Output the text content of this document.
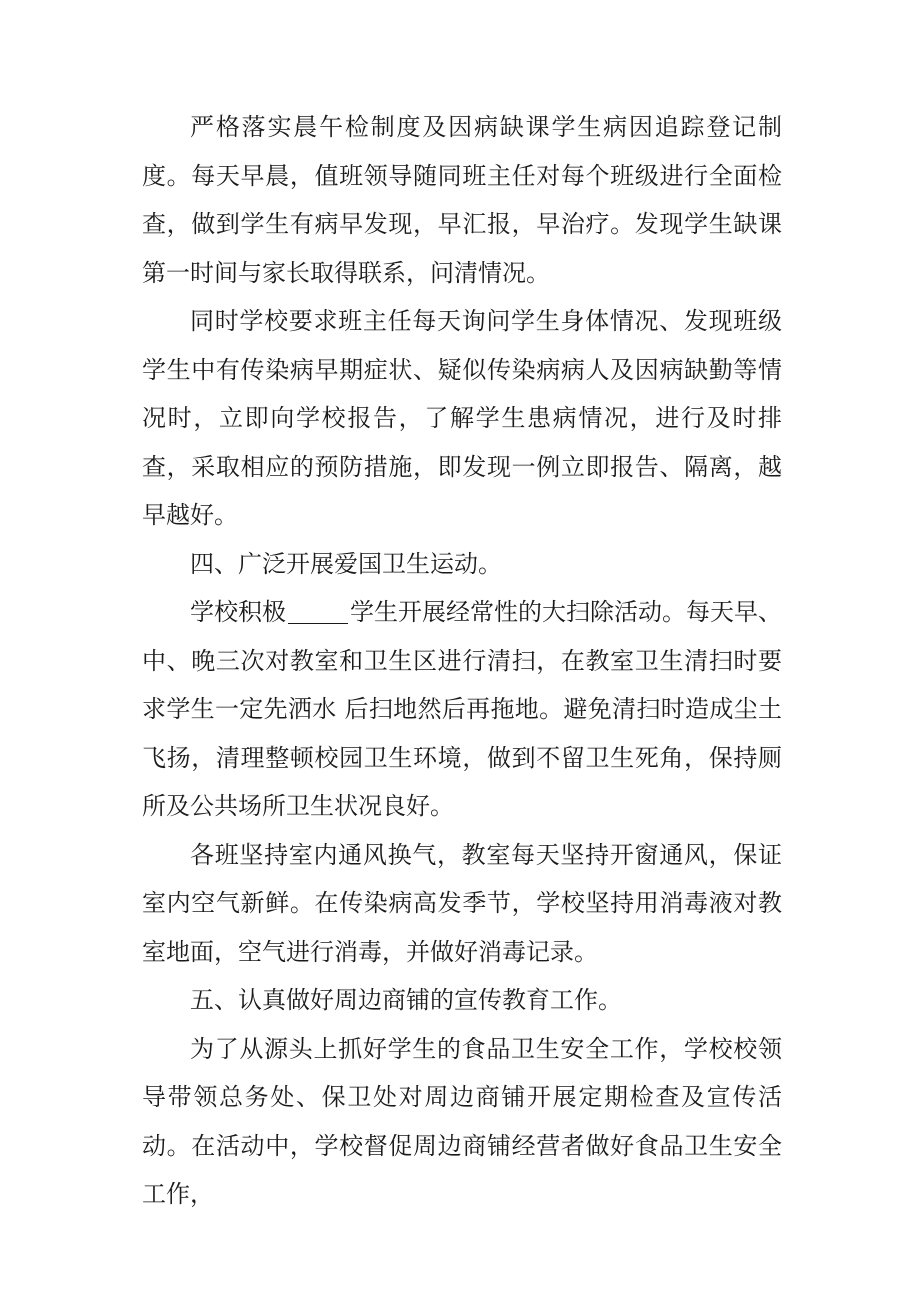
严格落实晨午检制度及因病缺课学生病因追踪登记制度。每天早晨，值班领导随同班主任对每个班级进行全面检查，做到学生有病早发现，早汇报，早治疗。发现学生缺课第一时间与家长取得联系，问清情况。

同时学校要求班主任每天询问学生身体情况、发现班级学生中有传染病早期症状、疑似传染病病人及因病缺勤等情况时，立即向学校报告，了解学生患病情况，进行及时排查，采取相应的预防措施，即发现一例立即报告、隔离，越早越好。

四、广泛开展爱国卫生运动。

学校积极	学生开展经常性的大扫除活动。每天早、中、晚三次对教室和卫生区进行清扫，在教室卫生清扫时要求学生一定先洒水 后扫地然后再拖地。避免清扫时造成尘土飞扬，清理整顿校园卫生环境，做到不留卫生死角，保持厕所及公共场所卫生状况良好。

各班坚持室内通风换气，教室每天坚持开窗通风，保证室内空气新鲜。在传染病高发季节，学校坚持用消毒液对教室地面，空气进行消毒，并做好消毒记录。

五、认真做好周边商铺的宣传教育工作。

为了从源头上抓好学生的食品卫生安全工作，学校校领导带领总务处、保卫处对周边商铺开展定期检查及宣传活动。在活动中，学校督促周边商铺经营者做好食品卫生安全工作，
